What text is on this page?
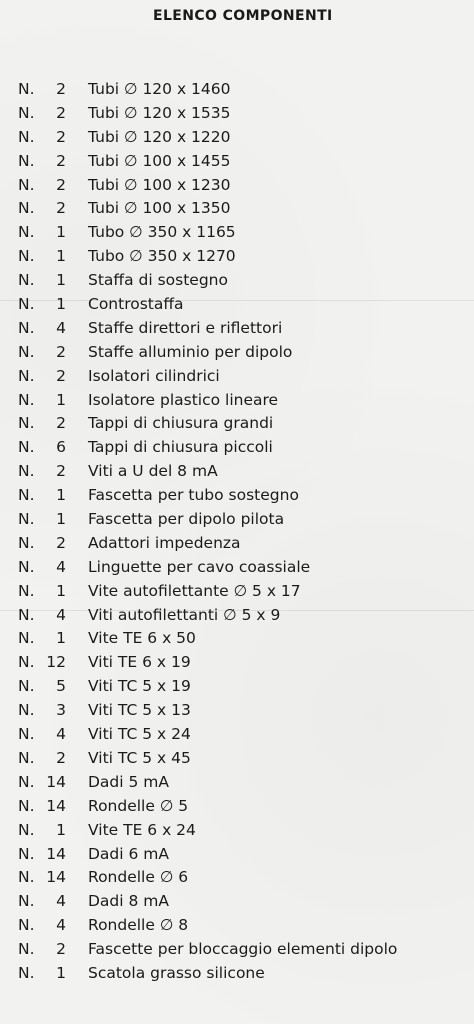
ELENCO COMPONENTI
N.	2 Tubi ∅ 120 x 1460
N.	2 Tubi ∅ 120 x 1535
N.	2 Tubi ∅ 120 x 1220
N.	2 Tubi ∅ 100 x 1455
N.	2 Tubi ∅ 100 x 1230
N.	2 Tubi ∅ 100 x 1350
N.	1 Tubo ∅ 350 x 1165
N.	1 Tubo ∅ 350 x 1270
N.	1 Staffa di sostegno
N.	1 Controstaffa
N.	4 Staffe direttori e riflettori
N.	2 Staffe alluminio per dipolo
N.	2 Isolatori cilindrici
N.	1 Isolatore plastico lineare
N.	2 Tappi di chiusura grandi
N.	6 Tappi di chiusura piccoli
N.	2 Viti a U del 8 mA
N.	1 Fascetta per tubo sostegno
N.	1 Fascetta per dipolo pilota
N.	2 Adattori impedenza
N.	4 Linguette per cavo coassiale
N.	1 Vite autofilettante ∅ 5 x 17
N.	4 Viti autofilettanti ∅ 5 x 9
N.	1 Vite TE 6 x 50
N. 12 Viti TE 6 x 19
N.	5 Viti TC 5 x 19
N.	3 Viti TC 5 x 13
N.	4 Viti TC 5 x 24
N.	2 Viti TC 5 x 45
N. 14 Dadi 5 mA
N. 14 Rondelle ∅ 5
N.	1 Vite TE 6 x 24
N. 14 Dadi 6 mA
N. 14 Rondelle ∅ 6
N.	4 Dadi 8 mA
N.	4 Rondelle ∅ 8
N.	2 Fascette per bloccaggio elementi dipolo
N.	1 Scatola grasso silicone
